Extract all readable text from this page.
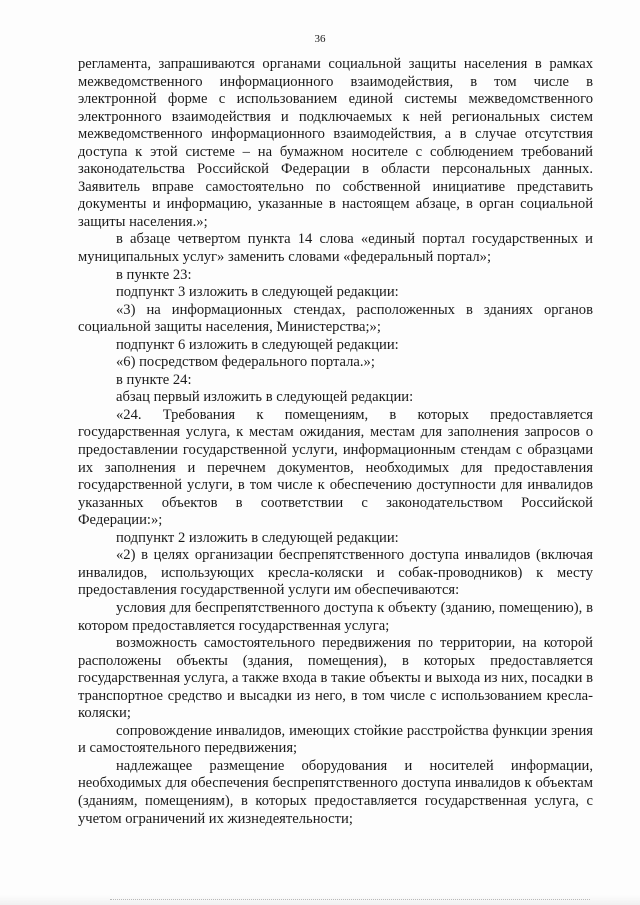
36

регламента, запрашиваются органами социальной защиты населения в рамках межведомственного информационного взаимодействия, в том числе в электронной форме с использованием единой системы межведомственного электронного взаимодействия и подключаемых к ней региональных систем межведомственного информационного взаимодействия, а в случае отсутствия доступа к этой системе – на бумажном носителе с соблюдением требований законодательства Российской Федерации в области персональных данных. Заявитель вправе самостоятельно по собственной инициативе представить документы и информацию, указанные в настоящем абзаце, в орган социальной защиты населения.»;

в абзаце четвертом пункта 14 слова «единый портал государственных и муниципальных услуг» заменить словами «федеральный портал»;

в пункте 23:

подпункт 3 изложить в следующей редакции:

«3) на информационных стендах, расположенных в зданиях органов социальной защиты населения, Министерства;»;

подпункт 6 изложить в следующей редакции:

«6) посредством федерального портала.»;

в пункте 24:

абзац первый изложить в следующей редакции:

«24. Требования к помещениям, в которых предоставляется государственная услуга, к местам ожидания, местам для заполнения запросов о предоставлении государственной услуги, информационным стендам с образцами их заполнения и перечнем документов, необходимых для предоставления государственной услуги, в том числе к обеспечению доступности для инвалидов указанных объектов в соответствии с законодательством Российской Федерации:»;

подпункт 2 изложить в следующей редакции:

«2) в целях организации беспрепятственного доступа инвалидов (включая инвалидов, использующих кресла-коляски и собак-проводников) к месту предоставления государственной услуги им обеспечиваются:

условия для беспрепятственного доступа к объекту (зданию, помещению), в котором предоставляется государственная услуга;

возможность самостоятельного передвижения по территории, на которой расположены объекты (здания, помещения), в которых предоставляется государственная услуга, а также входа в такие объекты и выхода из них, посадки в транспортное средство и высадки из него, в том числе с использованием кресла-коляски;

сопровождение инвалидов, имеющих стойкие расстройства функции зрения и самостоятельного передвижения;

надлежащее размещение оборудования и носителей информации, необходимых для обеспечения беспрепятственного доступа инвалидов к объектам (зданиям, помещениям), в которых предоставляется государственная услуга, с учетом ограничений их жизнедеятельности;
